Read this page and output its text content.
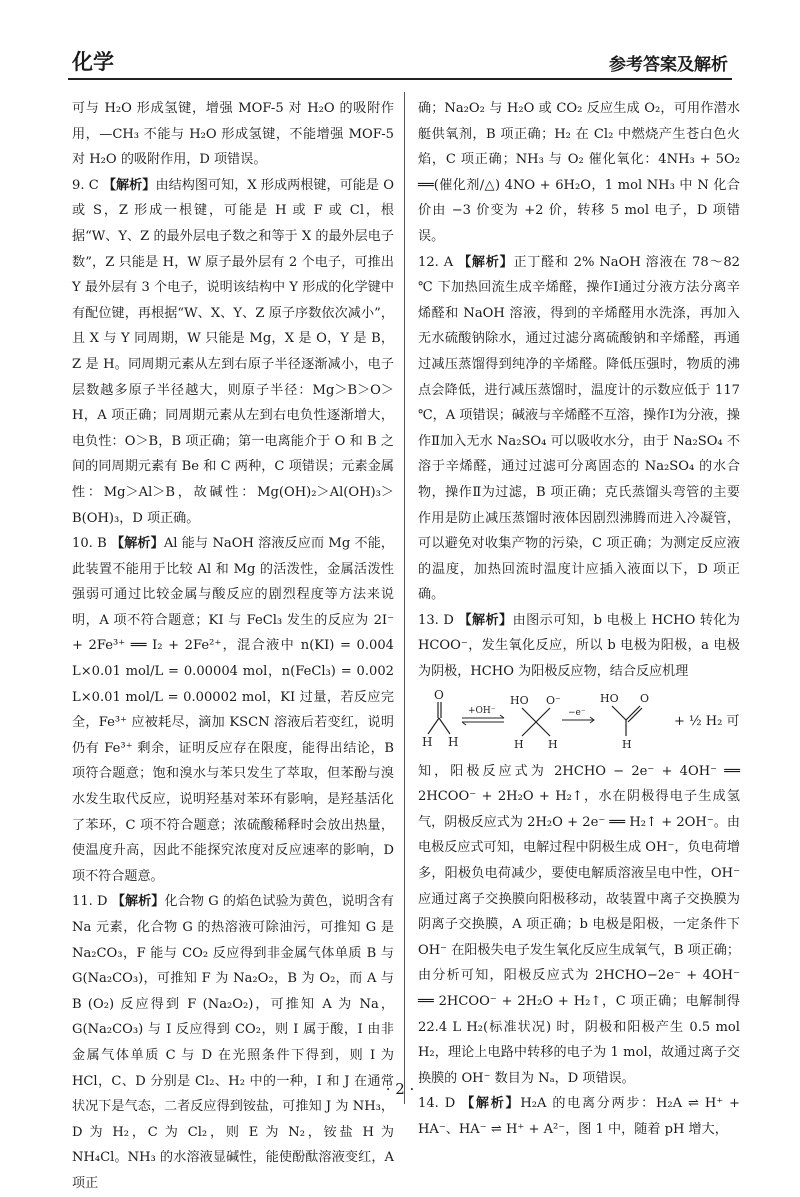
化学	参考答案及解析

可与 H₂O 形成氢键，增强 MOF-5 对 H₂O 的吸附作用，—CH₃ 不能与 H₂O 形成氢键，不能增强 MOF-5 对 H₂O 的吸附作用，D 项错误。

9. C 【解析】由结构图可知，X 形成两根键，可能是 O 或 S，Z 形成一根键，可能是 H 或 F 或 Cl，根据“W、Y、Z 的最外层电子数之和等于 X 的最外层电子数”，Z 只能是 H，W 原子最外层有 2 个电子，可推出 Y 最外层有 3 个电子，说明该结构中 Y 形成的化学键中有配位键，再根据“W、X、Y、Z 原子序数依次减小”，且 X 与 Y 同周期，W 只能是 Mg，X 是 O，Y 是 B，Z 是 H。同周期元素从左到右原子半径逐渐减小，电子层数越多原子半径越大，则原子半径：Mg＞B＞O＞H，A 项正确；同周期元素从左到右电负性逐渐增大，电负性：O＞B，B 项正确；第一电离能介于 O 和 B 之间的同周期元素有 Be 和 C 两种，C 项错误；元素金属性：Mg＞Al＞B，故碱性：Mg(OH)₂＞Al(OH)₃＞B(OH)₃，D 项正确。

10. B 【解析】Al 能与 NaOH 溶液反应而 Mg 不能，此装置不能用于比较 Al 和 Mg 的活泼性，金属活泼性强弱可通过比较金属与酸反应的剧烈程度等方法来说明，A 项不符合题意；KI 与 FeCl₃ 发生的反应为 2I⁻ + 2Fe³⁺ ══ I₂ + 2Fe²⁺，混合液中 n(KI) = 0.004 L×0.01 mol/L = 0.00004 mol，n(FeCl₃) = 0.002 L×0.01 mol/L = 0.00002 mol，KI 过量，若反应完全，Fe³⁺ 应被耗尽，滴加 KSCN 溶液后若变红，说明仍有 Fe³⁺ 剩余，证明反应存在限度，能得出结论，B 项符合题意；饱和溴水与苯只发生了萃取，但苯酚与溴水发生取代反应，说明羟基对苯环有影响，是羟基活化了苯环，C 项不符合题意；浓硫酸稀释时会放出热量，使温度升高，因此不能探究浓度对反应速率的影响，D 项不符合题意。

11. D 【解析】化合物 G 的焰色试验为黄色，说明含有 Na 元素，化合物 G 的热溶液可除油污，可推知 G 是 Na₂CO₃，F 能与 CO₂ 反应得到非金属气体单质 B 与 G(Na₂CO₃)，可推知 F 为 Na₂O₂，B 为 O₂，而 A 与 B (O₂) 反应得到 F (Na₂O₂)，可推知 A 为 Na，G(Na₂CO₃) 与 I 反应得到 CO₂，则 I 属于酸，I 由非金属气体单质 C 与 D 在光照条件下得到，则 I 为 HCl，C、D 分别是 Cl₂、H₂ 中的一种，I 和 J 在通常状况下是气态，二者反应得到铵盐，可推知 J 为 NH₃，D 为 H₂，C 为 Cl₂，则 E 为 N₂，铵盐 H 为 NH₄Cl。NH₃ 的水溶液显碱性，能使酚酞溶液变红，A 项正

确；Na₂O₂ 与 H₂O 或 CO₂ 反应生成 O₂，可用作潜水艇供氧剂，B 项正确；H₂ 在 Cl₂ 中燃烧产生苍白色火焰，C 项正确；NH₃ 与 O₂ 催化氧化：4NH₃ + 5O₂ ══(催化剂/△) 4NO + 6H₂O，1 mol NH₃ 中 N 化合价由 −3 价变为 +2 价，转移 5 mol 电子，D 项错误。

12. A 【解析】正丁醛和 2% NaOH 溶液在 78～82 ℃ 下加热回流生成辛烯醛，操作Ⅰ通过分液方法分离辛烯醛和 NaOH 溶液，得到的辛烯醛用水洗涤，再加入无水硫酸钠除水，通过过滤分离硫酸钠和辛烯醛，再通过减压蒸馏得到纯净的辛烯醛。降低压强时，物质的沸点会降低，进行减压蒸馏时，温度计的示数应低于 117 ℃，A 项错误；碱液与辛烯醛不互溶，操作Ⅰ为分液，操作Ⅱ加入无水 Na₂SO₄ 可以吸收水分，由于 Na₂SO₄ 不溶于辛烯醛，通过过滤可分离固态的 Na₂SO₄ 的水合物，操作Ⅱ为过滤，B 项正确；克氏蒸馏头弯管的主要作用是防止减压蒸馏时液体因剧烈沸腾而进入冷凝管，可以避免对收集产物的污染，C 项正确；为测定反应液的温度，加热回流时温度计应插入液面以下，D 项正确。

13. D 【解析】由图示可知，b 电极上 HCHO 转化为 HCOO⁻，发生氧化反应，所以 b 电极为阳极，a 电极为阴极，HCHO 为阳极反应物，结合反应机理

O
H H
+OH⁻
HO O⁻
H H
−e⁻
HO O
H
+ ½ H₂ 可

知，阳极反应式为 2HCHO − 2e⁻ + 4OH⁻ ══ 2HCOO⁻ + 2H₂O + H₂↑，水在阴极得电子生成氢气，阴极反应式为 2H₂O + 2e⁻ ══ H₂↑ + 2OH⁻。由电极反应式可知，电解过程中阴极生成 OH⁻，负电荷增多，阳极负电荷减少，要使电解质溶液呈电中性，OH⁻ 应通过离子交换膜向阳极移动，故装置中离子交换膜为阴离子交换膜，A 项正确；b 电极是阳极，一定条件下 OH⁻ 在阳极失电子发生氧化反应生成氧气，B 项正确；由分析可知，阳极反应式为 2HCHO−2e⁻ + 4OH⁻ ══ 2HCOO⁻ + 2H₂O + H₂↑，C 项正确；电解制得 22.4 L H₂(标准状况) 时，阴极和阳极产生 0.5 mol H₂，理论上电路中转移的电子为 1 mol，故通过离子交换膜的 OH⁻ 数目为 Nₐ，D 项错误。

14. D 【解析】H₂A 的电离分两步：H₂A ⇌ H⁺ + HA⁻、HA⁻ ⇌ H⁺ + A²⁻，图 1 中，随着 pH 增大，

· 2 ·
